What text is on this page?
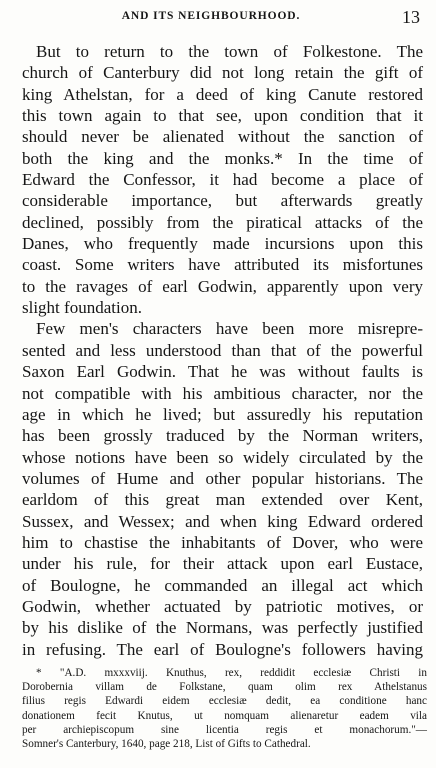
AND ITS NEIGHBOURHOOD.	13

But to return to the town of Folkestone. The
church of Canterbury did not long retain the gift of
king Athelstan, for a deed of king Canute restored
this town again to that see, upon condition that it
should never be alienated without the sanction of
both the king and the monks.* In the time of
Edward the Confessor, it had become a place of
considerable importance, but afterwards greatly
declined, possibly from the piratical attacks of the
Danes, who frequently made incursions upon this
coast. Some writers have attributed its misfortunes
to the ravages of earl Godwin, apparently upon very
slight foundation.

Few men's characters have been more misrepre-
sented and less understood than that of the powerful
Saxon Earl Godwin. That he was without faults is
not compatible with his ambitious character, nor the
age in which he lived; but assuredly his reputation
has been grossly traduced by the Norman writers,
whose notions have been so widely circulated by the
volumes of Hume and other popular historians. The
earldom of this great man extended over Kent,
Sussex, and Wessex; and when king Edward ordered
him to chastise the inhabitants of Dover, who were
under his rule, for their attack upon earl Eustace,
of Boulogne, he commanded an illegal act which
Godwin, whether actuated by patriotic motives, or
by his dislike of the Normans, was perfectly justified
in refusing. The earl of Boulogne's followers having

* "A.D. mxxxviij. Knuthus, rex, reddidit ecclesiæ Christi in
Dorobernia villam de Folkstane, quam olim rex Athelstanus
filius regis Edwardi eidem ecclesiæ dedit, ea conditione hanc
donationem fecit Knutus, ut nomquam alienaretur eadem vila
per archiepiscopum sine licentia regis et monachorum."—
Somner's Canterbury, 1640, page 218, List of Gifts to Cathedral.
